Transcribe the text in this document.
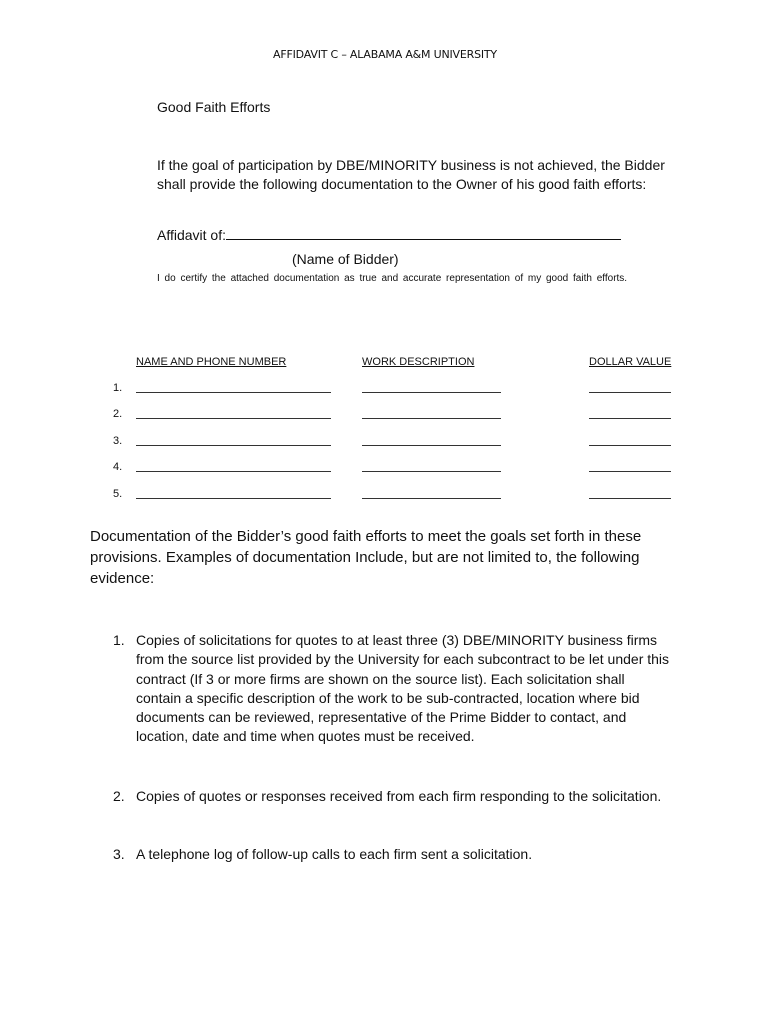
AFFIDAVIT C – ALABAMA A&M UNIVERSITY
Good Faith Efforts
If the goal of participation by DBE/MINORITY business is not achieved, the Bidder shall provide the following documentation to the Owner of his good faith efforts:
Affidavit of:
(Name of Bidder)
I do certify the attached documentation as true and accurate representation of my good faith efforts.
NAME AND PHONE NUMBER	WORK DESCRIPTION	DOLLAR VALUE
1.
2.
3.
4.
5.
Documentation of the Bidder’s good faith efforts to meet the goals set forth in these provisions. Examples of documentation Include, but are not limited to, the following evidence:
1. Copies of solicitations for quotes to at least three (3) DBE/MINORITY business firms from the source list provided by the University for each subcontract to be let under this contract (If 3 or more firms are shown on the source list). Each solicitation shall contain a specific description of the work to be sub-contracted, location where bid documents can be reviewed, representative of the Prime Bidder to contact, and location, date and time when quotes must be received.
2. Copies of quotes or responses received from each firm responding to the solicitation.
3. A telephone log of follow-up calls to each firm sent a solicitation.
